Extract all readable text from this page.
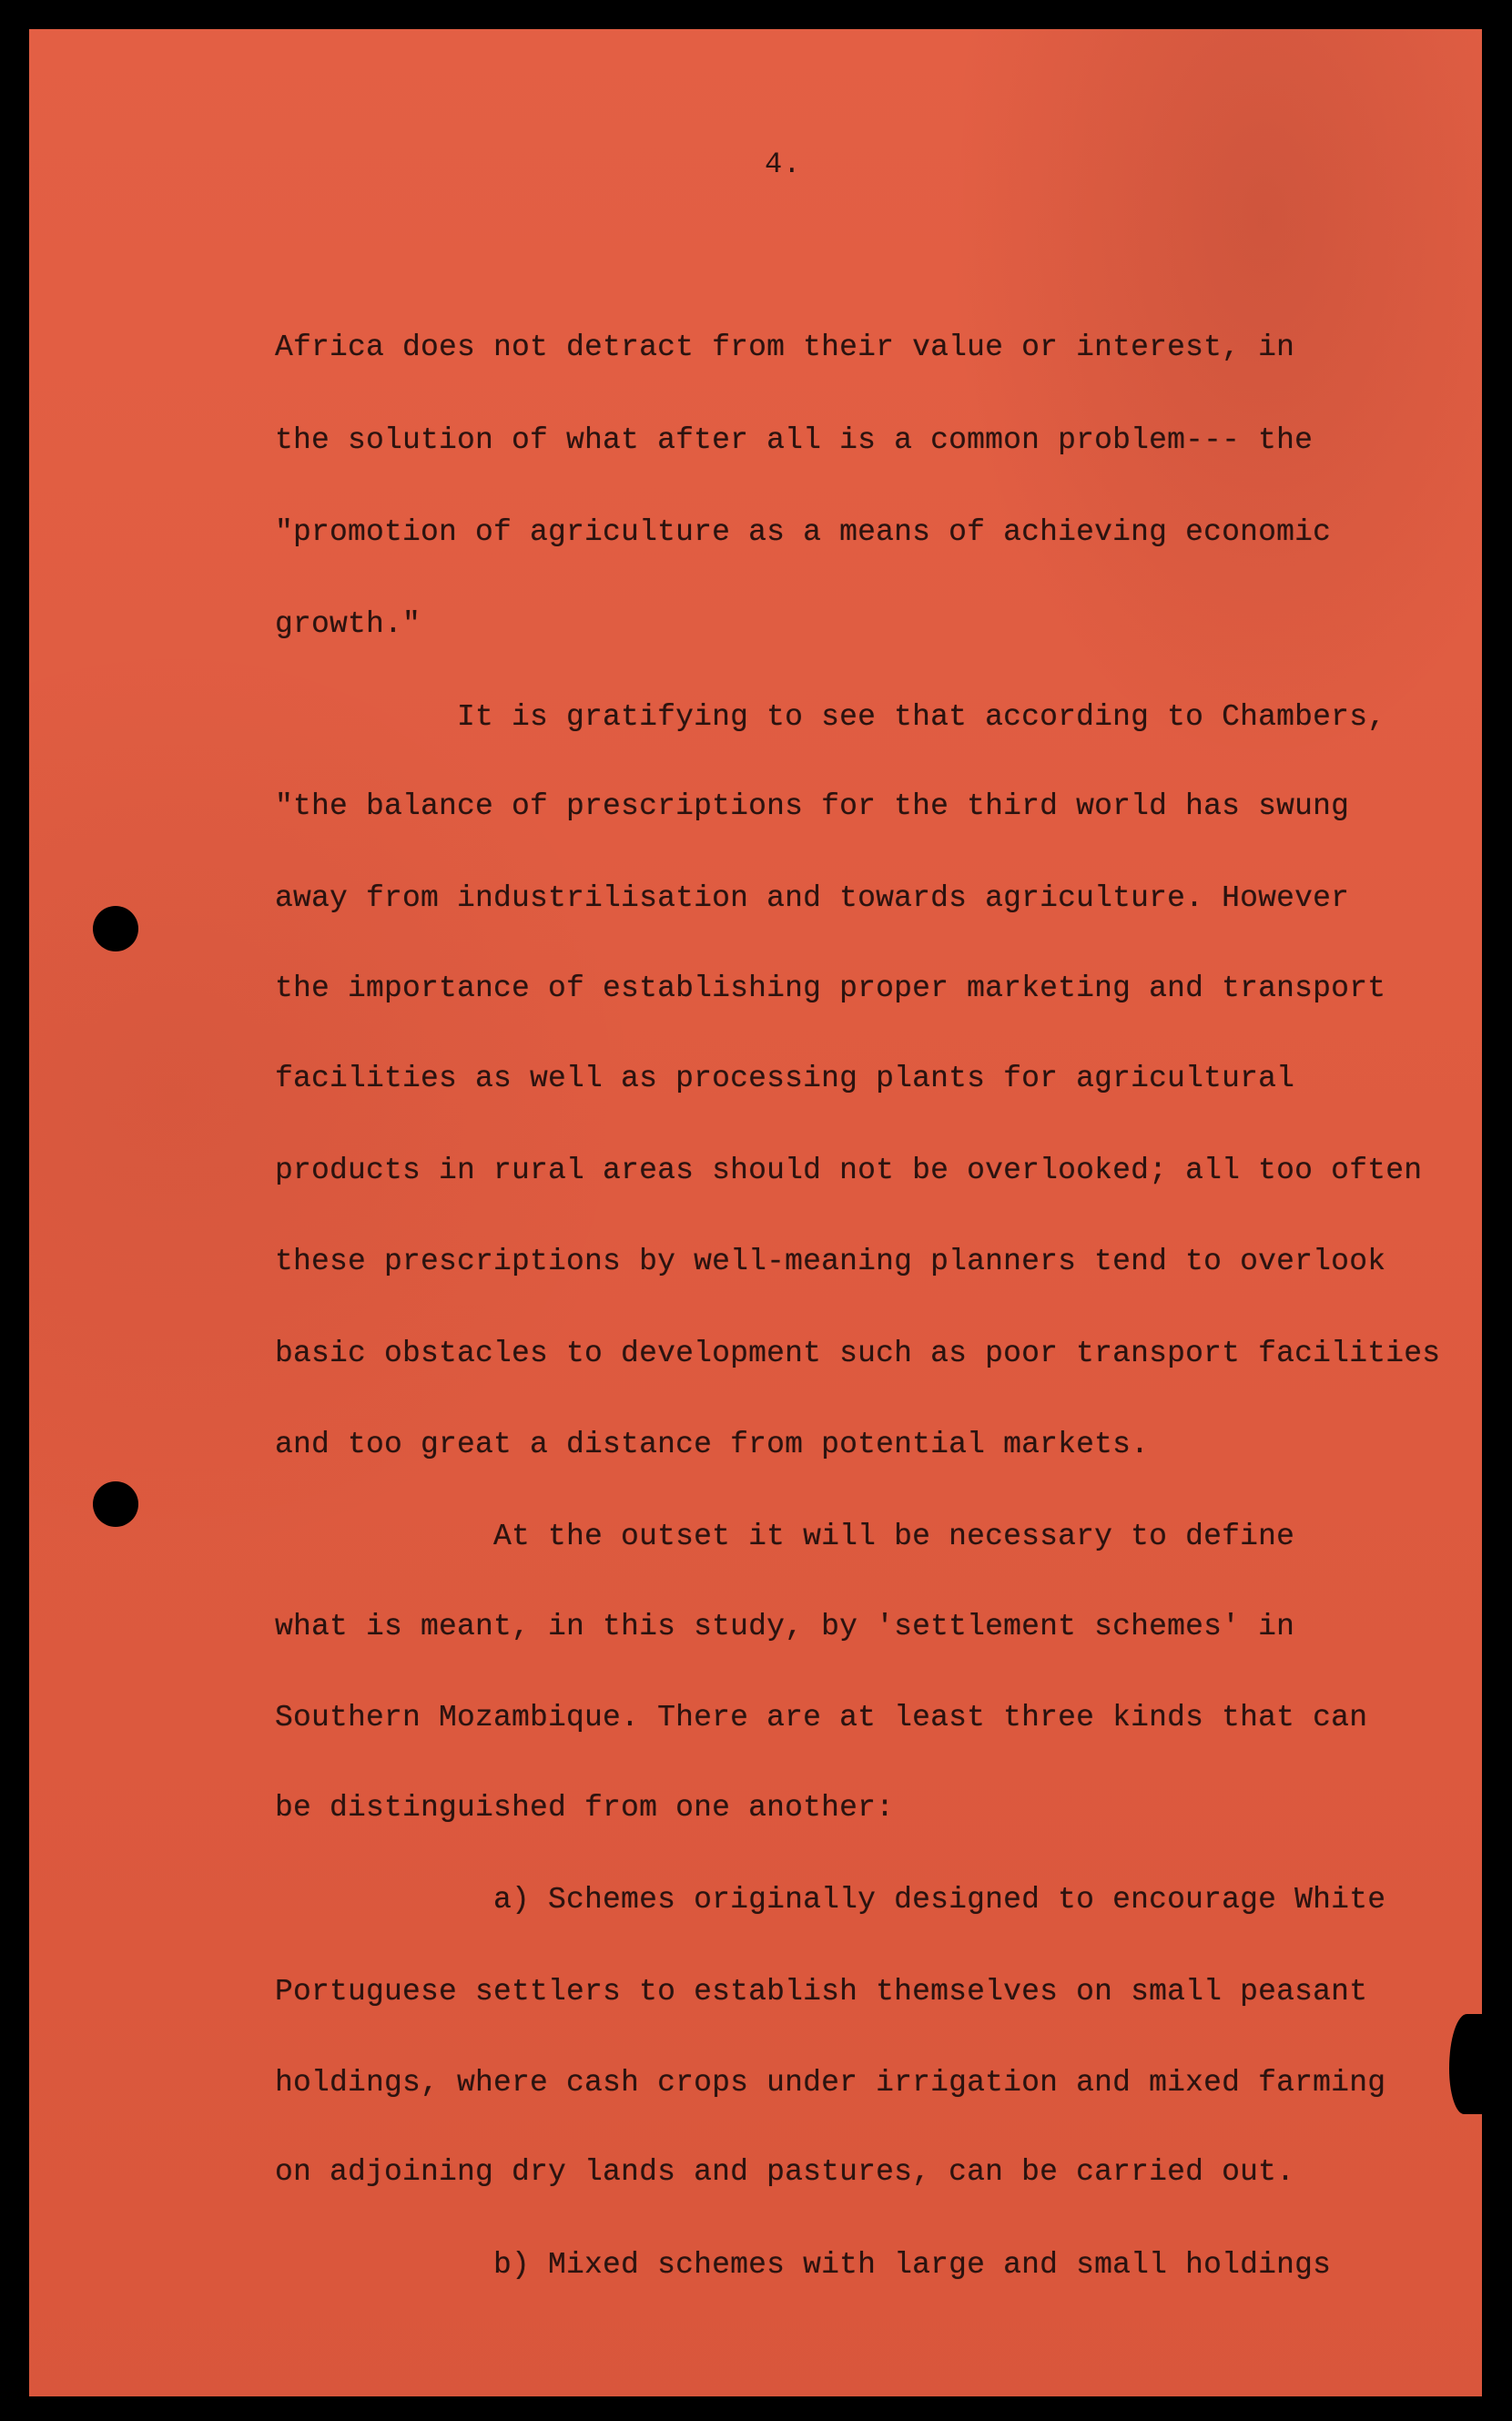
4.
Africa does not detract from their value or interest, in
the solution of what after all is a common problem--- the
"promotion of agriculture as a means of achieving economic
growth."
It is gratifying to see that according to Chambers,
"the balance of prescriptions for the third world has swung
away from industrilisation and towards agriculture. However
the importance of establishing proper marketing and transport
facilities as well as processing plants for agricultural
products in rural areas should not be overlooked; all too often
these prescriptions by well-meaning planners tend to overlook
basic obstacles to development such as poor transport facilities
and too great a distance from potential markets.
At the outset it will be necessary to define
what is meant, in this study, by 'settlement schemes' in
Southern Mozambique. There are at least three kinds that can
be distinguished from one another:
a) Schemes originally designed to encourage White
Portuguese settlers to establish themselves on small peasant
holdings, where cash crops under irrigation and mixed farming
on adjoining dry lands and pastures, can be carried out.
b) Mixed schemes with large and small holdings
